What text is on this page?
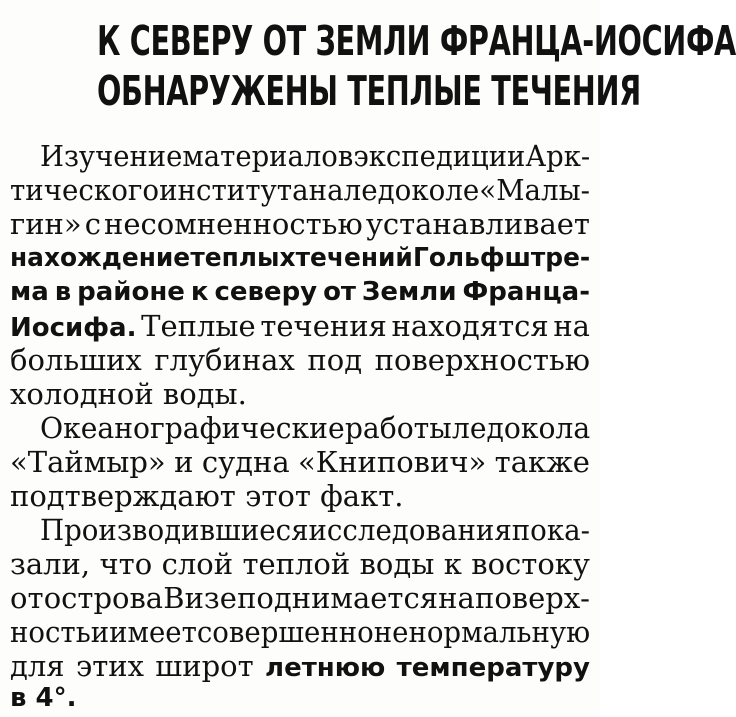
К СЕВЕРУ ОТ ЗЕМЛИ ФРАНЦА-ИОСИФА
ОБНАРУЖЕНЫ ТЕПЛЫЕ ТЕЧЕНИЯ
Изучение материалов экспедиции Арк-
тического института на ледоколе «Малы-
гин» с несомненностью устанавливает
нахождение теплых течений Гольфштре-
ма в районе к северу от Земли Франца-
Иосифа. Теплые течения находятся на
больших глубинах под поверхностью
холодной воды.
Океанографические работы ледокола
«Таймыр» и судна «Книпович» также
подтверждают этот факт.
Производившиеся исследования пока-
зали, что слой теплой воды к востоку
от острова Визе поднимается на поверх-
ность и имеет совершенно ненормальную
для этих широт летнюю температуру
в 4°.
